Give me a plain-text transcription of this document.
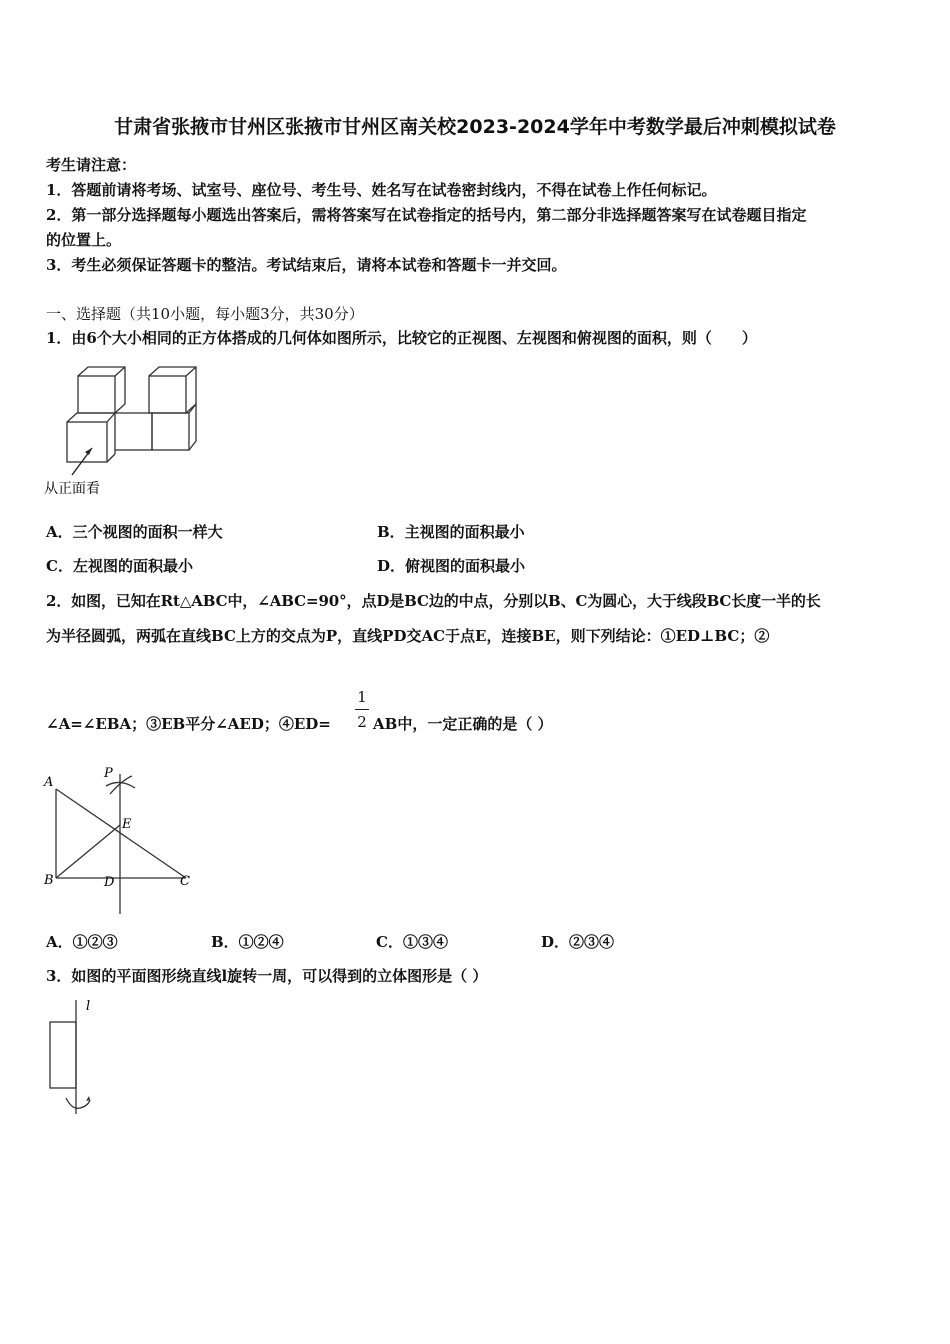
甘肃省张掖市甘州区张掖市甘州区南关校2023-2024学年中考数学最后冲刺模拟试卷
考生请注意：
1．答题前请将考场、试室号、座位号、考生号、姓名写在试卷密封线内，不得在试卷上作任何标记。
2．第一部分选择题每小题选出答案后，需将答案写在试卷指定的括号内，第二部分非选择题答案写在试卷题目指定
的位置上。
3．考生必须保证答题卡的整洁。考试结束后，请将本试卷和答题卡一并交回。
一、选择题（共10小题，每小题3分，共30分）
1．由6个大小相同的正方体搭成的几何体如图所示，比较它的正视图、左视图和俯视图的面积，则（　　）
从正面看
A．三个视图的面积一样大	B．主视图的面积最小
C．左视图的面积最小	D．俯视图的面积最小
2．如图，已知在Rt△ABC中，∠ABC=90°，点D是BC边的中点，分别以B、C为圆心，大于线段BC长度一半的长
为半径圆弧，两弧在直线BC上方的交点为P，直线PD交AC于点E，连接BE，则下列结论：①ED⊥BC；②
∠A=∠EBA；③EB平分∠AED；④ED=
1
2 AB中，一定正确的是（ ）
A
P
E
B	D	C
A．①②③	B．①②④	C．①③④	D．②③④
3．如图的平面图形绕直线l旋转一周，可以得到的立体图形是（ ）
l
